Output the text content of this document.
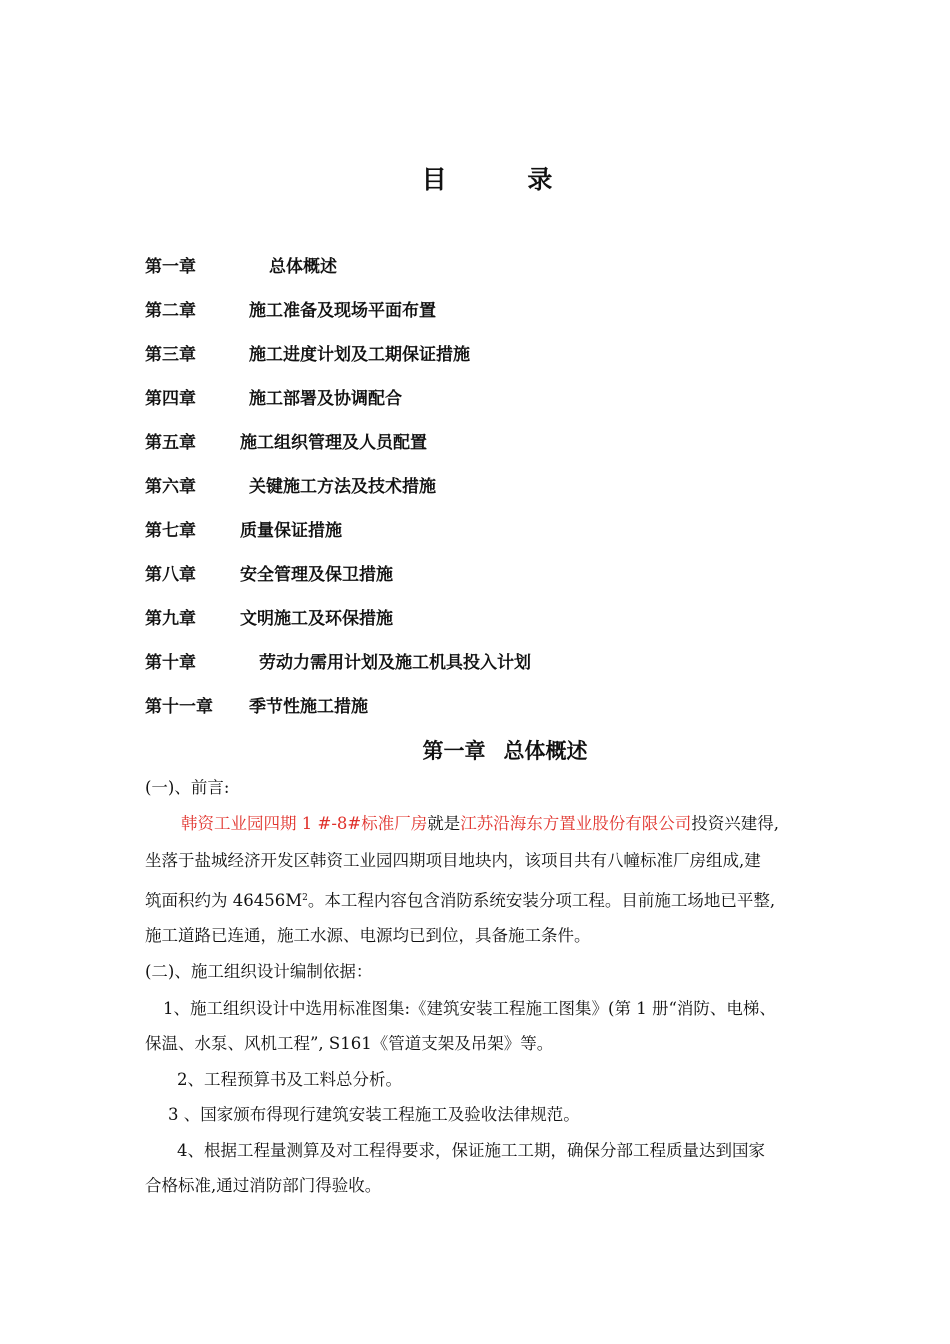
目 录
第一章	总体概述
第二章	施工准备及现场平面布置
第三章	施工进度计划及工期保证措施
第四章	施工部署及协调配合
第五章	施工组织管理及人员配置
第六章	关键施工方法及技术措施
第七章	质量保证措施
第八章	安全管理及保卫措施
第九章	文明施工及环保措施
第十章	劳动力需用计划及施工机具投入计划
第十一章 季节性施工措施
第一章 总体概述
(一)、前言:
韩资工业园四期 1 #-8#标准厂房就是江苏沿海东方置业股份有限公司投资兴建得,
坐落于盐城经济开发区韩资工业园四期项目地块内，该项目共有八幢标准厂房组成,建
筑面积约为 $46456M^2$。本工程内容包含消防系统安装分项工程。目前施工场地已平整,
施工道路已连通，施工水源、电源均已到位，具备施工条件。
(二)、施工组织设计编制依据：
1、施工组织设计中选用标准图集:《建筑安装工程施工图集》(第 1 册“消防、电梯、
保温、水泵、风机工程”, S161《管道支架及吊架》等。
2、工程预算书及工料总分析。
3 、国家颁布得现行建筑安装工程施工及验收法律规范。
4、根据工程量测算及对工程得要求，保证施工工期，确保分部工程质量达到国家
合格标准,通过消防部门得验收。
